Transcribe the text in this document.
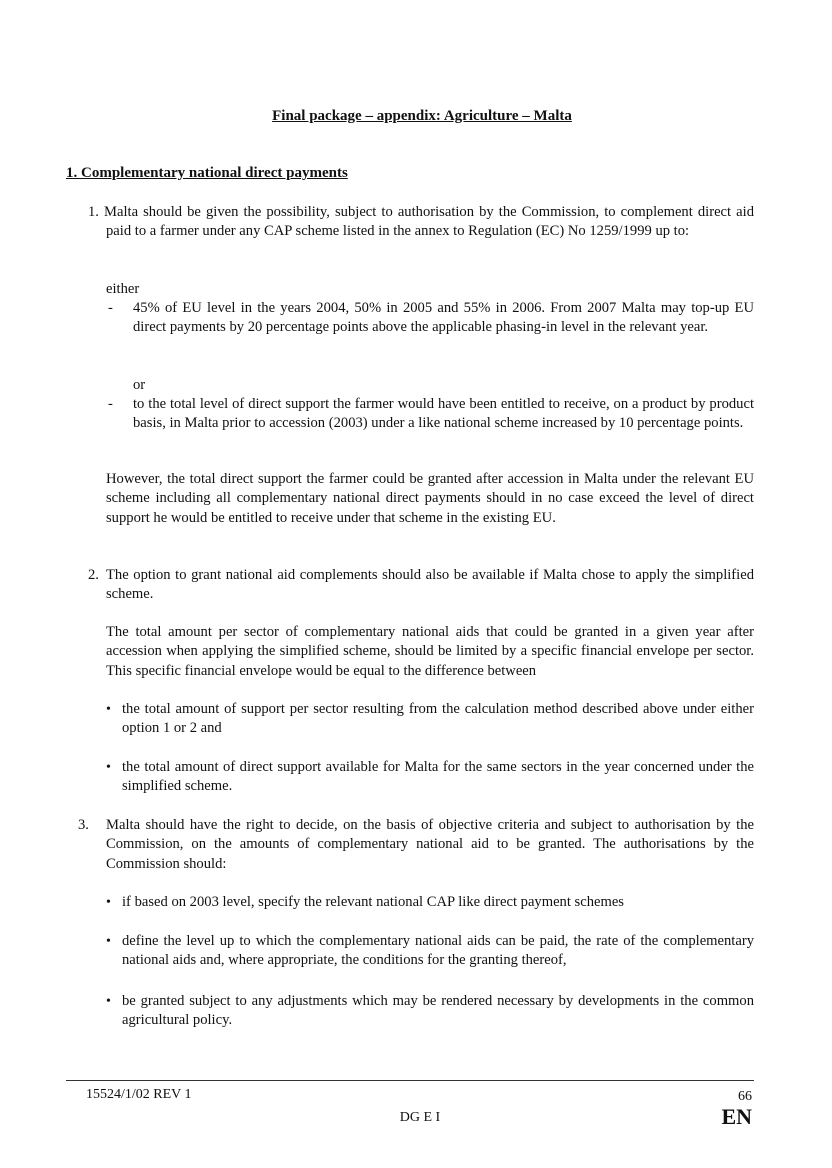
Final package – appendix: Agriculture – Malta
1. Complementary national direct payments
1. Malta should be given the possibility, subject to authorisation by the Commission, to complement direct aid paid to a farmer under any CAP scheme listed in the annex to Regulation (EC) No 1259/1999 up to:
either
- 45% of EU level in the years 2004, 50% in 2005 and 55% in 2006. From 2007 Malta may top-up EU direct payments by 20 percentage points above the applicable phasing-in level in the relevant year.
or
- to the total level of direct support the farmer would have been entitled to receive, on a product by product basis, in Malta prior to accession (2003) under a like national scheme increased by 10 percentage points.
However, the total direct support the farmer could be granted after accession in Malta under the relevant EU scheme including all complementary national direct payments should in no case exceed the level of direct support he would be entitled to receive under that scheme in the existing EU.
2. The option to grant national aid complements should also be available if Malta chose to apply the simplified scheme.
The total amount per sector of complementary national aids that could be granted in a given year after accession when applying the simplified scheme, should be limited by a specific financial envelope per sector. This specific financial envelope would be equal to the difference between
• the total amount of support per sector resulting from the calculation method described above under either option 1 or 2 and
• the total amount of direct support available for Malta for the same sectors in the year concerned under the simplified scheme.
3. Malta should have the right to decide, on the basis of objective criteria and subject to authorisation by the Commission, on the amounts of complementary national aid to be granted. The authorisations by the Commission should:
• if based on 2003 level, specify the relevant national CAP like direct payment schemes
• define the level up to which the complementary national aids can be paid, the rate of the complementary national aids and, where appropriate, the conditions for the granting thereof,
• be granted subject to any adjustments which may be rendered necessary by developments in the common agricultural policy.
15524/1/02 REV 1	66
DG E I	EN
